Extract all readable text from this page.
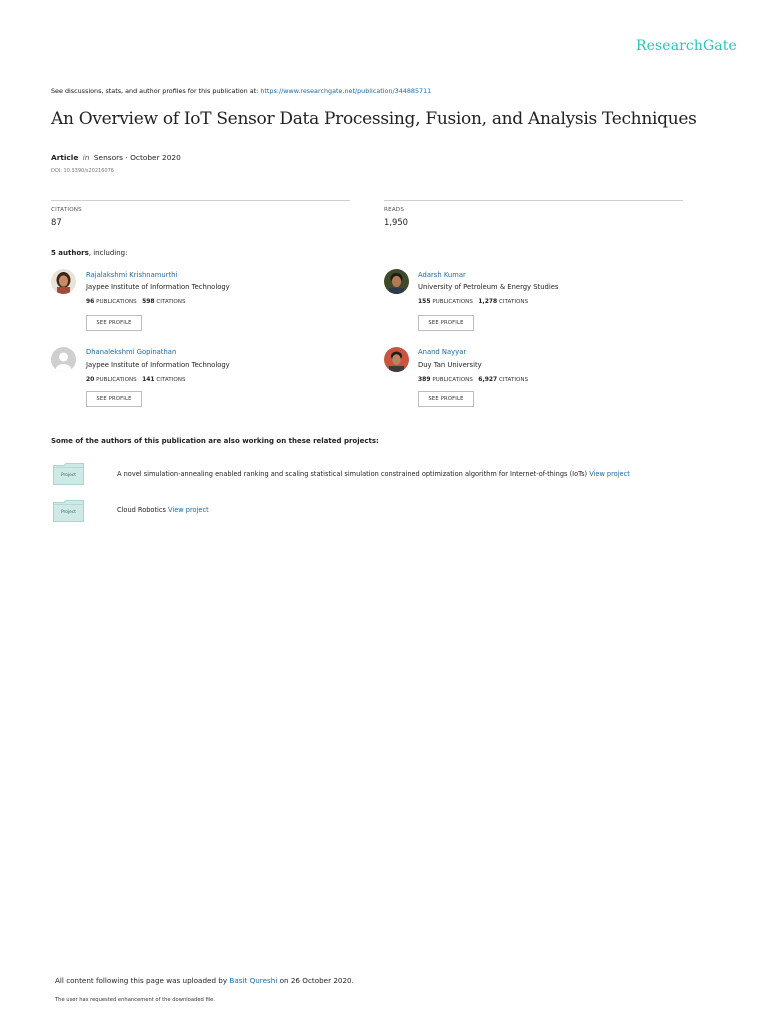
ResearchGate
See discussions, stats, and author profiles for this publication at: https://www.researchgate.net/publication/344885711
An Overview of IoT Sensor Data Processing, Fusion, and Analysis Techniques
Article in Sensors · October 2020
DOI: 10.3390/s20216076
CITATIONS
87
READS
1,950
5 authors, including:
Rajalakshmi Krishnamurthi
Jaypee Institute of Information Technology
96 PUBLICATIONS 598 CITATIONS
SEE PROFILE
Adarsh Kumar
University of Petroleum & Energy Studies
155 PUBLICATIONS 1,278 CITATIONS
SEE PROFILE
Dhanalekshmi Gopinathan
Jaypee Institute of Information Technology
20 PUBLICATIONS 141 CITATIONS
SEE PROFILE
Anand Nayyar
Duy Tan University
389 PUBLICATIONS 6,927 CITATIONS
SEE PROFILE
Some of the authors of this publication are also working on these related projects:
Project	A novel simulation-annealing enabled ranking and scaling statistical simulation constrained optimization algorithm for Internet-of-things (IoTs) View project
Project	Cloud Robotics View project
All content following this page was uploaded by Basit Qureshi on 26 October 2020.
The user has requested enhancement of the downloaded file.
